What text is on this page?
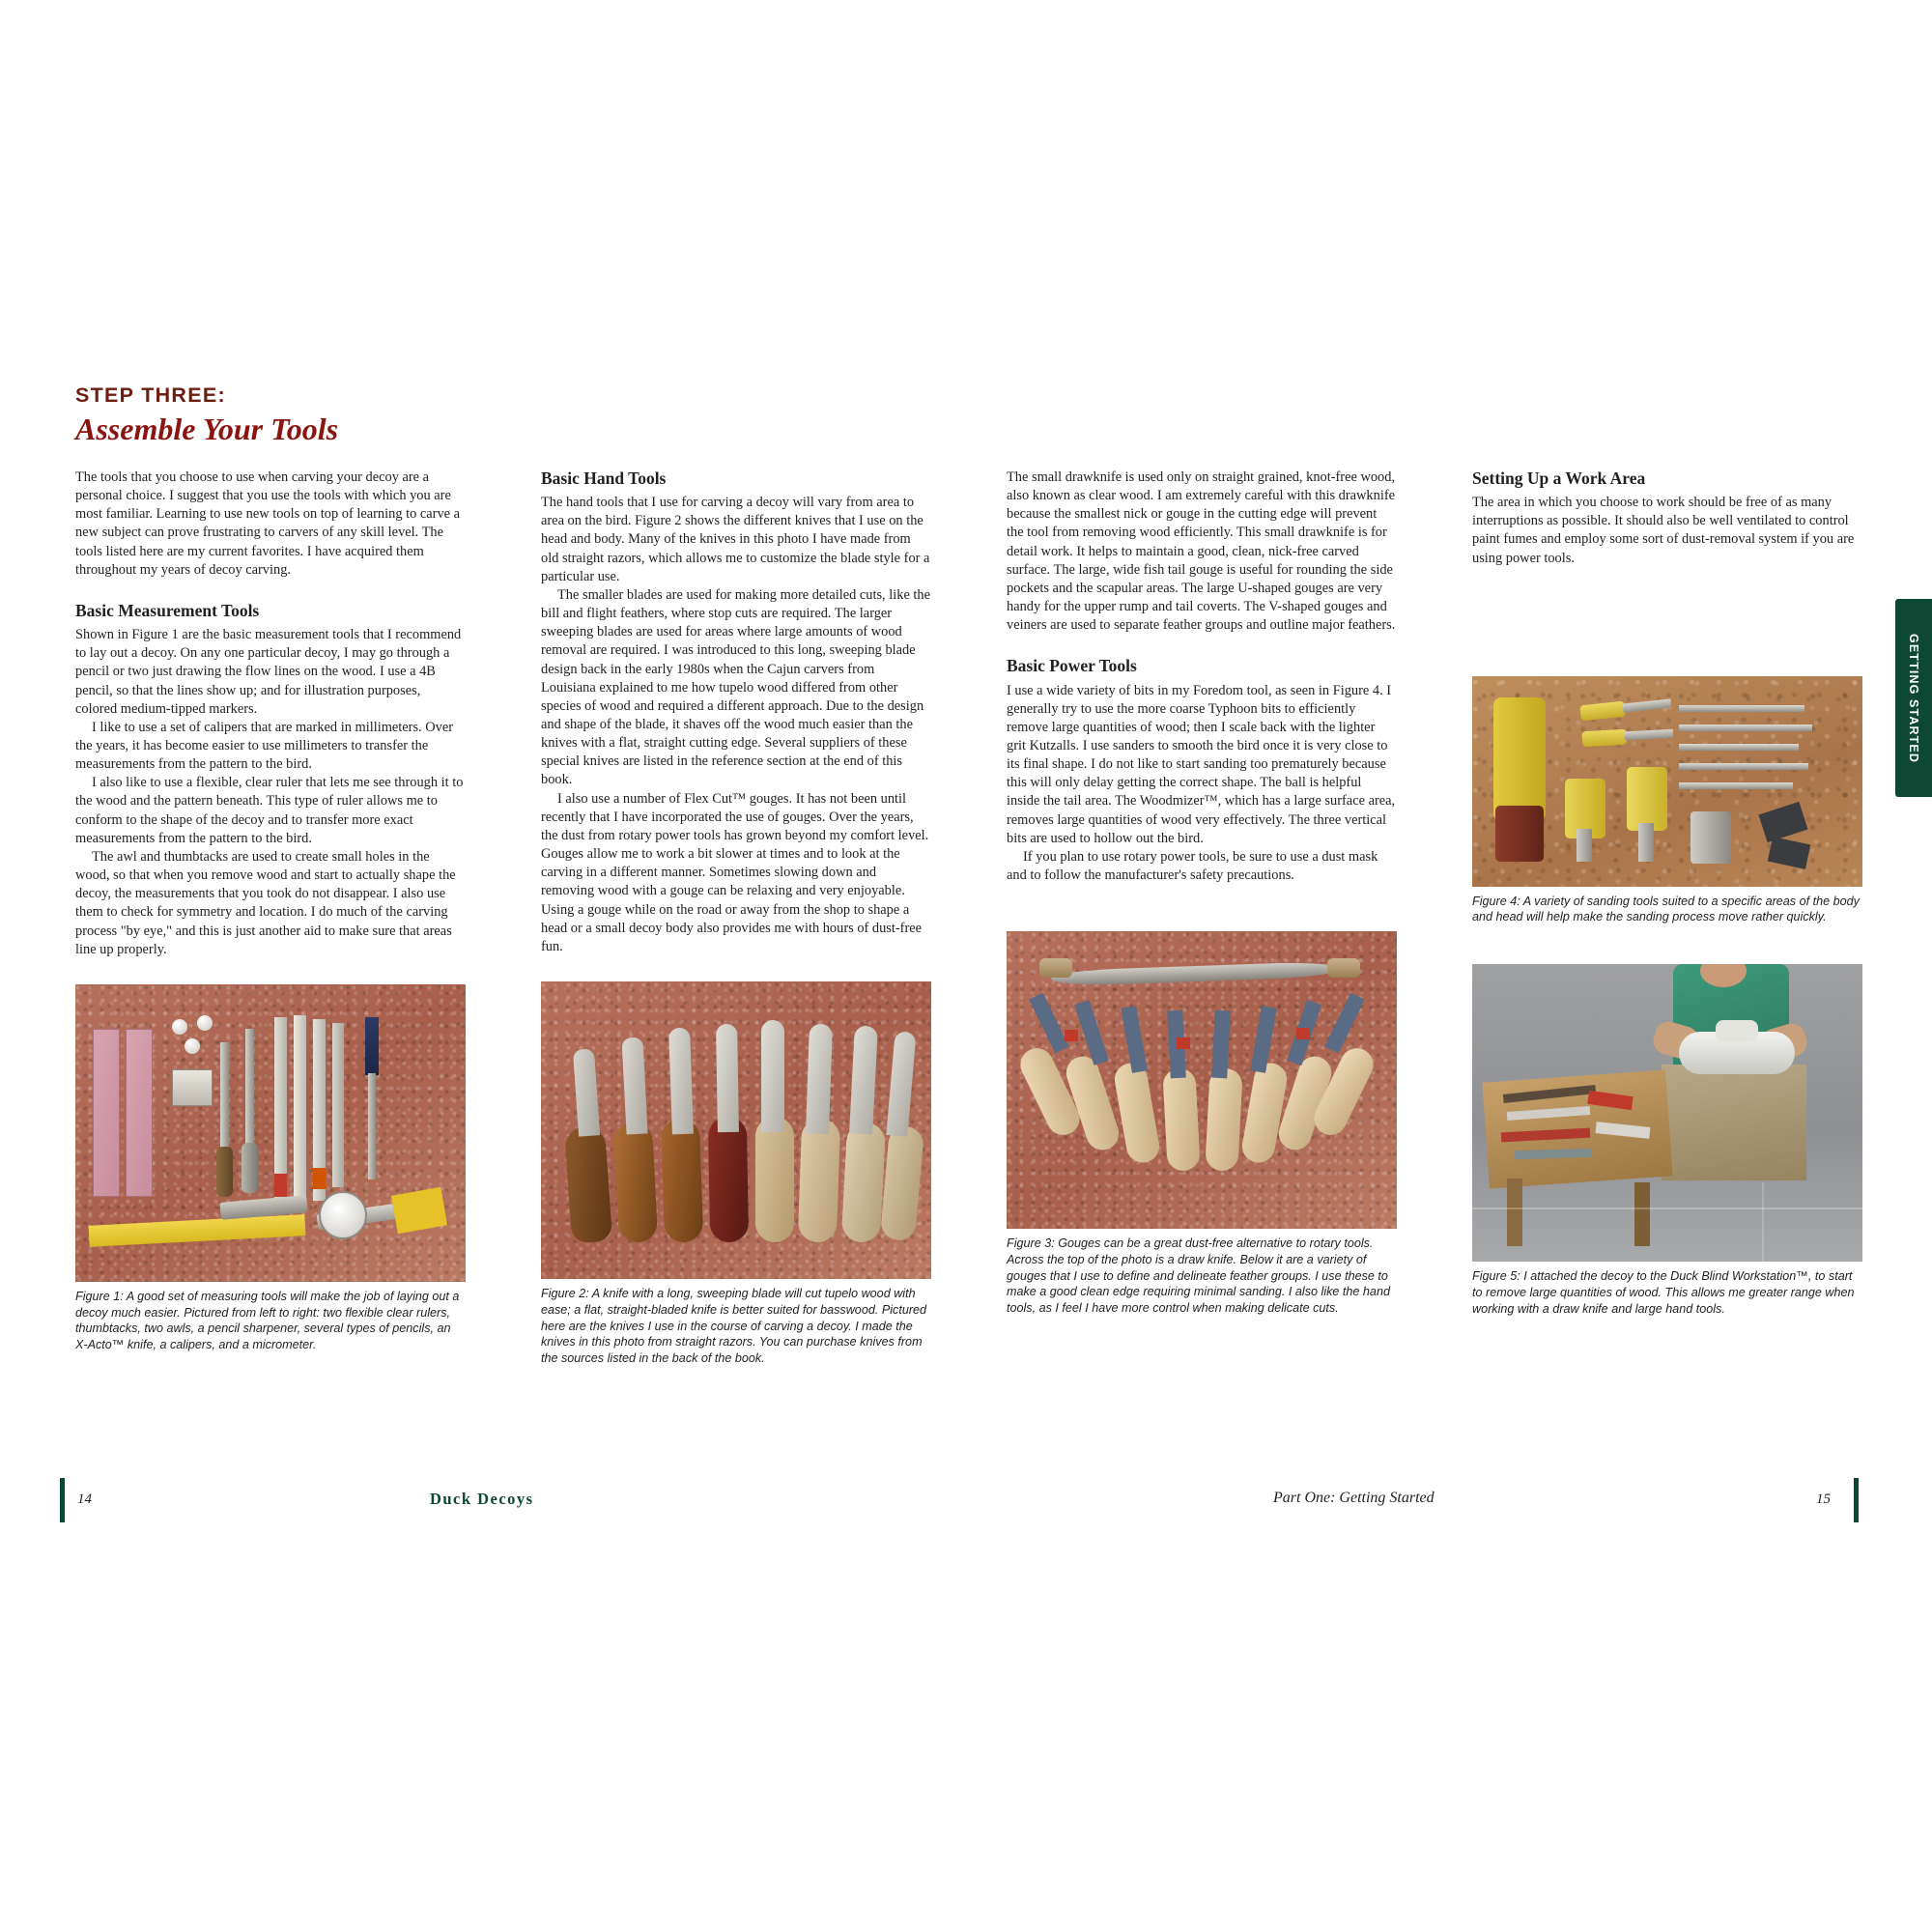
STEP THREE:
Assemble Your Tools

The tools that you choose to use when carving your decoy are a personal choice. I suggest that you use the tools with which you are most familiar. Learning to use new tools on top of learning to carve a new subject can prove frustrating to carvers of any skill level. The tools listed here are my current favorites. I have acquired them throughout my years of decoy carving.

Basic Measurement Tools

Shown in Figure 1 are the basic measurement tools that I recommend to lay out a decoy. On any one particular decoy, I may go through a pencil or two just drawing the flow lines on the wood. I use a 4B pencil, so that the lines show up; and for illustration purposes, colored medium-tipped markers.

I like to use a set of calipers that are marked in millimeters. Over the years, it has become easier to use millimeters to transfer the measurements from the pattern to the bird.

I also like to use a flexible, clear ruler that lets me see through it to the wood and the pattern beneath. This type of ruler allows me to conform to the shape of the decoy and to transfer more exact measurements from the pattern to the bird.

The awl and thumbtacks are used to create small holes in the wood, so that when you remove wood and start to actually shape the decoy, the measurements that you took do not disappear. I also use them to check for symmetry and location. I do much of the carving process "by eye," and this is just another aid to make sure that areas line up properly.

Figure 1: A good set of measuring tools will make the job of laying out a decoy much easier. Pictured from left to right: two flexible clear rulers, thumbtacks, two awls, a pencil sharpener, several types of pencils, an X-Acto™ knife, a calipers, and a micrometer.
Basic Hand Tools

The hand tools that I use for carving a decoy will vary from area to area on the bird. Figure 2 shows the different knives that I use on the head and body. Many of the knives in this photo I have made from old straight razors, which allows me to customize the blade style for a particular use.

The smaller blades are used for making more detailed cuts, like the bill and flight feathers, where stop cuts are required. The larger sweeping blades are used for areas where large amounts of wood removal are required. I was introduced to this long, sweeping blade design back in the early 1980s when the Cajun carvers from Louisiana explained to me how tupelo wood differed from other species of wood and required a different approach. Due to the design and shape of the blade, it shaves off the wood much easier than the knives with a flat, straight cutting edge. Several suppliers of these special knives are listed in the reference section at the end of this book.

I also use a number of Flex Cut™ gouges. It has not been until recently that I have incorporated the use of gouges. Over the years, the dust from rotary power tools has grown beyond my comfort level. Gouges allow me to work a bit slower at times and to look at the carving in a different manner. Sometimes slowing down and removing wood with a gouge can be relaxing and very enjoyable. Using a gouge while on the road or away from the shop to shape a head or a small decoy body also provides me with hours of dust-free fun.

Figure 2: A knife with a long, sweeping blade will cut tupelo wood with ease; a flat, straight-bladed knife is better suited for basswood. Pictured here are the knives I use in the course of carving a decoy. I made the knives in this photo from straight razors. You can purchase knives from the sources listed in the back of the book.

The small drawknife is used only on straight grained, knot-free wood, also known as clear wood. I am extremely careful with this drawknife because the smallest nick or gouge in the cutting edge will prevent the tool from removing wood efficiently. This small drawknife is for detail work. It helps to maintain a good, clean, nick-free carved surface. The large, wide fish tail gouge is useful for rounding the side pockets and the scapular areas. The large U-shaped gouges are very handy for the upper rump and tail coverts. The V-shaped gouges and veiners are used to separate feather groups and outline major feathers.

Basic Power Tools

I use a wide variety of bits in my Foredom tool, as seen in Figure 4. I generally try to use the more coarse Typhoon bits to efficiently remove large quantities of wood; then I scale back with the lighter grit Kutzalls. I use sanders to smooth the bird once it is very close to its final shape. I do not like to start sanding too prematurely because this will only delay getting the correct shape. The ball is helpful inside the tail area. The Woodmizer™, which has a large surface area, removes large quantities of wood very effectively. The three vertical bits are used to hollow out the bird.

If you plan to use rotary power tools, be sure to use a dust mask and to follow the manufacturer's safety precautions.

Figure 3: Gouges can be a great dust-free alternative to rotary tools. Across the top of the photo is a draw knife. Below it are a variety of gouges that I use to define and delineate feather groups. I use these to make a good clean edge requiring minimal sanding. I also like the hand tools, as I feel I have more control when making delicate cuts.
Setting Up a Work Area

The area in which you choose to work should be free of as many interruptions as possible. It should also be well ventilated to control paint fumes and employ some sort of dust-removal system if you are using power tools.

Figure 4: A variety of sanding tools suited to a specific areas of the body and head will help make the sanding process move rather quickly.
Figure 5: I attached the decoy to the Duck Blind Workstation™, to start to remove large quantities of wood. This allows me greater range when working with a draw knife and large hand tools.
GETTING STARTED
14	Duck Decoys	Part One: Getting Started	15
